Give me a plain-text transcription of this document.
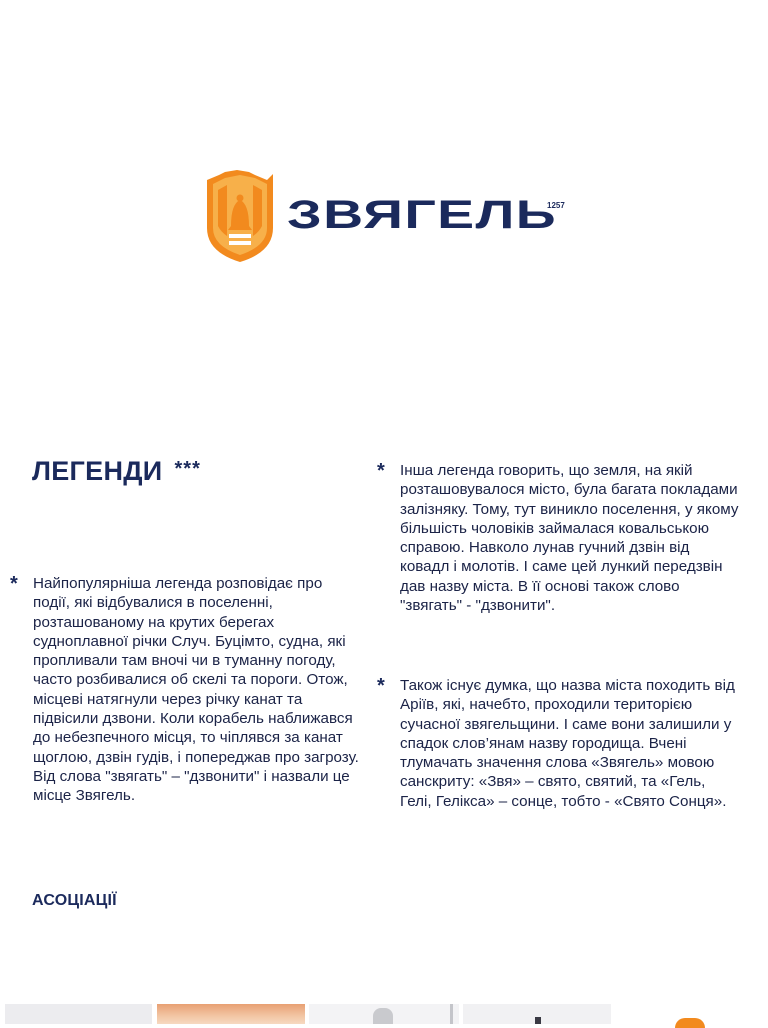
ЗВЯГЕЛЬ
1257
ЛЕГЕНДИ ***
* Найпопулярніша легенда розповідає про події, які відбувалися в поселенні, розташованому на крутих берегах судноплавної річки Случ. Буцімто, судна, які пропливали там вночі чи в туманну погоду, часто розбивалися об скелі та пороги. Отож, місцеві натягнули через річку канат та підвісили дзвони. Коли корабель наближався до небезпечного місця, то чіплявся за канат щоглою, дзвін гудів, і попереджав про загрозу. Від слова "звягать" – "дзвонити" і назвали це місце Звягель.

* Інша легенда говорить, що земля, на якій розташовувалося місто, була багата покладами залізняку. Тому, тут виникло поселення, у якому більшість чоловіків займалася ковальською справою. Навколо лунав гучний дзвін від ковадл і молотів. І саме цей лункий передзвін дав назву міста. В її основі також слово "звягать" - "дзвонити".

* Також існує думка, що назва міста походить від Аріїв, які, начебто, проходили територією сучасної звягельщини. І саме вони залишили у спадок слов’янам назву городища. Вчені тлумачать значення слова «Звягель» мовою санскриту: «Звя» – свято, святий, та «Гель, Гелі, Гелікса» – сонце, тобто - «Свято Сонця».

АСОЦІАЦІЇ
